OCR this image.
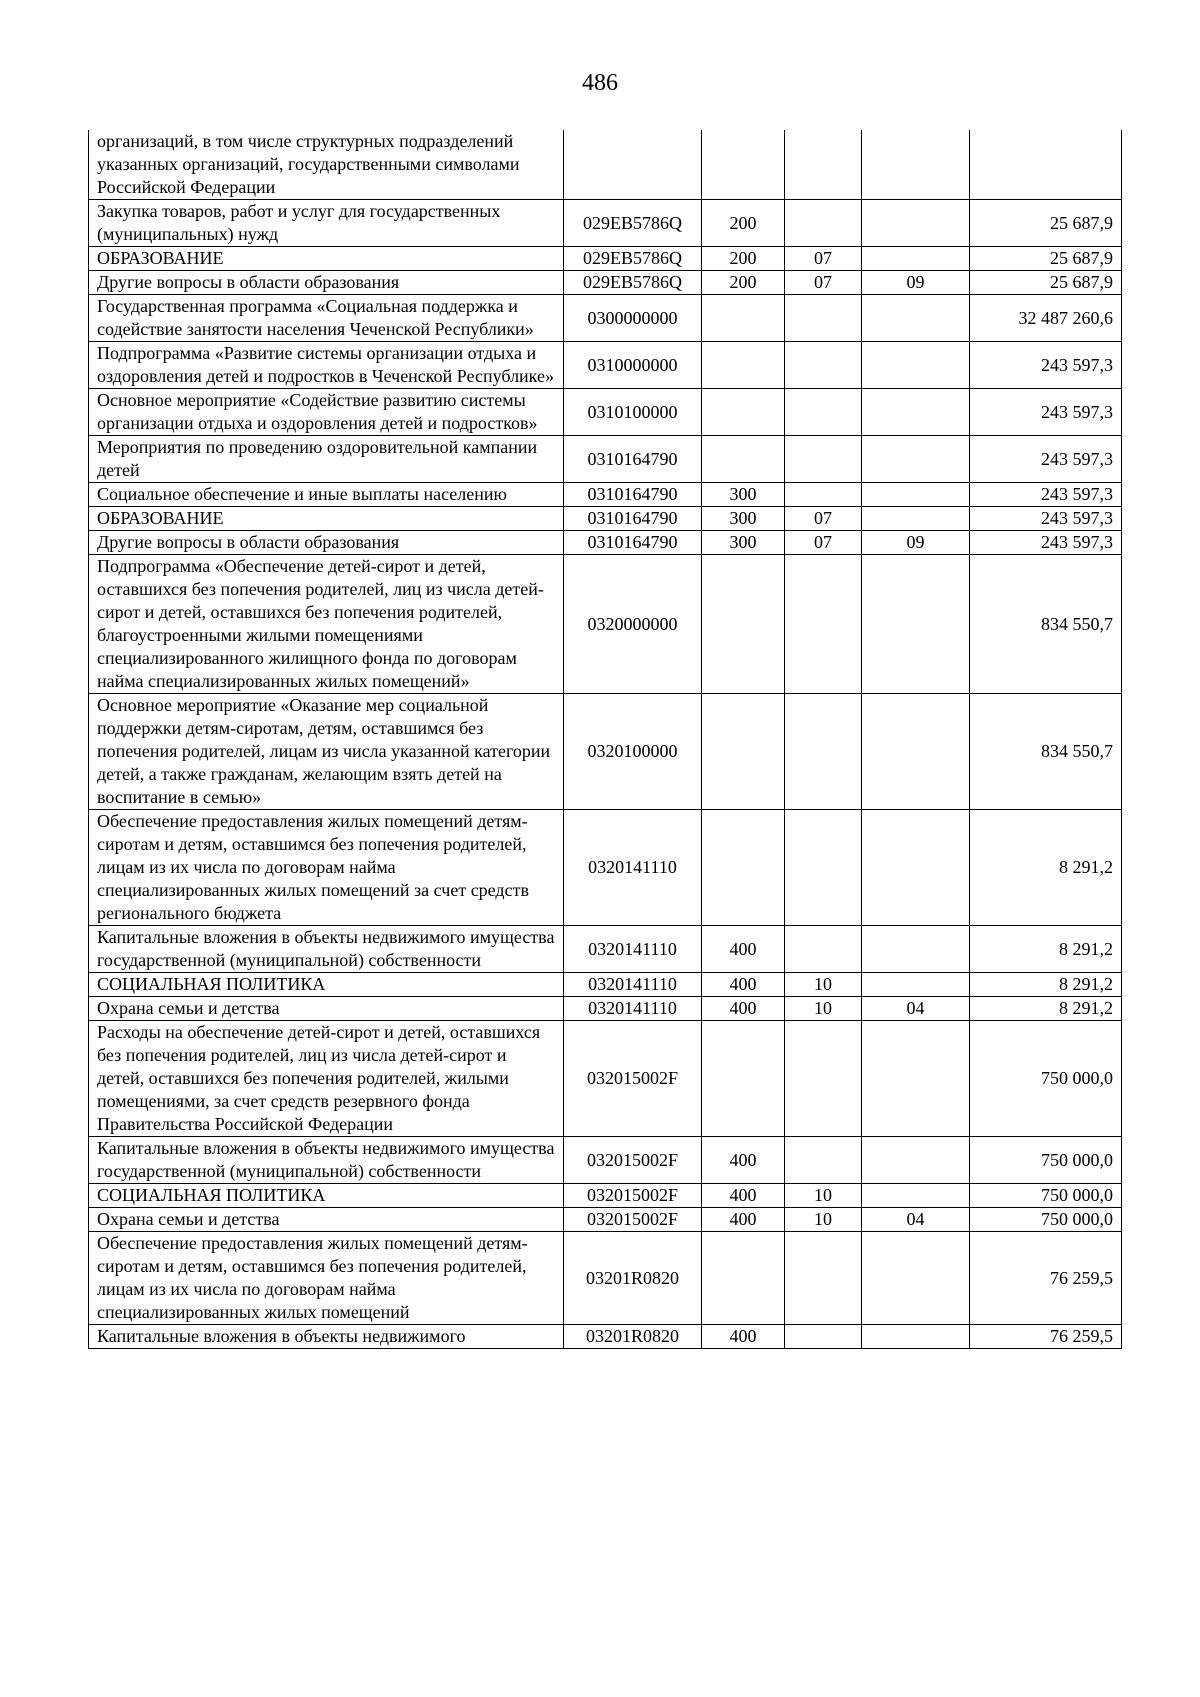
486
организаций, в том числе структурных подразделений указанных организаций, государственными символами Российской Федерации					
Закупка товаров, работ и услуг для государственных (муниципальных) нужд	029EB5786Q	200			25 687,9
ОБРАЗОВАНИЕ	029EB5786Q	200	07		25 687,9
Другие вопросы в области образования	029EB5786Q	200	07	09	25 687,9
Государственная программа «Социальная поддержка и содействие занятости населения Чеченской Республики»	0300000000				32 487 260,6
Подпрограмма «Развитие системы организации отдыха и оздоровления детей и подростков в Чеченской Республике»	0310000000				243 597,3
Основное мероприятие «Содействие развитию системы организации отдыха и оздоровления детей и подростков»	0310100000				243 597,3
Мероприятия по проведению оздоровительной кампании детей	0310164790				243 597,3
Социальное обеспечение и иные выплаты населению	0310164790	300			243 597,3
ОБРАЗОВАНИЕ	0310164790	300	07		243 597,3
Другие вопросы в области образования	0310164790	300	07	09	243 597,3
Подпрограмма «Обеспечение детей-сирот и детей, оставшихся без попечения родителей, лиц из числа детей-сирот и детей, оставшихся без попечения родителей, благоустроенными жилыми помещениями специализированного жилищного фонда по договорам найма специализированных жилых помещений»	0320000000				834 550,7
Основное мероприятие «Оказание мер социальной поддержки детям-сиротам, детям, оставшимся без попечения родителей, лицам из числа указанной категории детей, а также гражданам, желающим взять детей на воспитание в семью»	0320100000				834 550,7
Обеспечение предоставления жилых помещений детям-сиротам и детям, оставшимся без попечения родителей, лицам из их числа по договорам найма специализированных жилых помещений за счет средств регионального бюджета	0320141110				8 291,2
Капитальные вложения в объекты недвижимого имущества государственной (муниципальной) собственности	0320141110	400			8 291,2
СОЦИАЛЬНАЯ ПОЛИТИКА	0320141110	400	10		8 291,2
Охрана семьи и детства	0320141110	400	10	04	8 291,2
Расходы на обеспечение детей-сирот и детей, оставшихся без попечения родителей, лиц из числа детей-сирот и детей, оставшихся без попечения родителей, жилыми помещениями, за счет средств резервного фонда Правительства Российской Федерации	032015002F				750 000,0
Капитальные вложения в объекты недвижимого имущества государственной (муниципальной) собственности	032015002F	400			750 000,0
СОЦИАЛЬНАЯ ПОЛИТИКА	032015002F	400	10		750 000,0
Охрана семьи и детства	032015002F	400	10	04	750 000,0
Обеспечение предоставления жилых помещений детям-сиротам и детям, оставшимся без попечения родителей, лицам из их числа по договорам найма специализированных жилых помещений	03201R0820				76 259,5
Капитальные вложения в объекты недвижимого	03201R0820	400			76 259,5
